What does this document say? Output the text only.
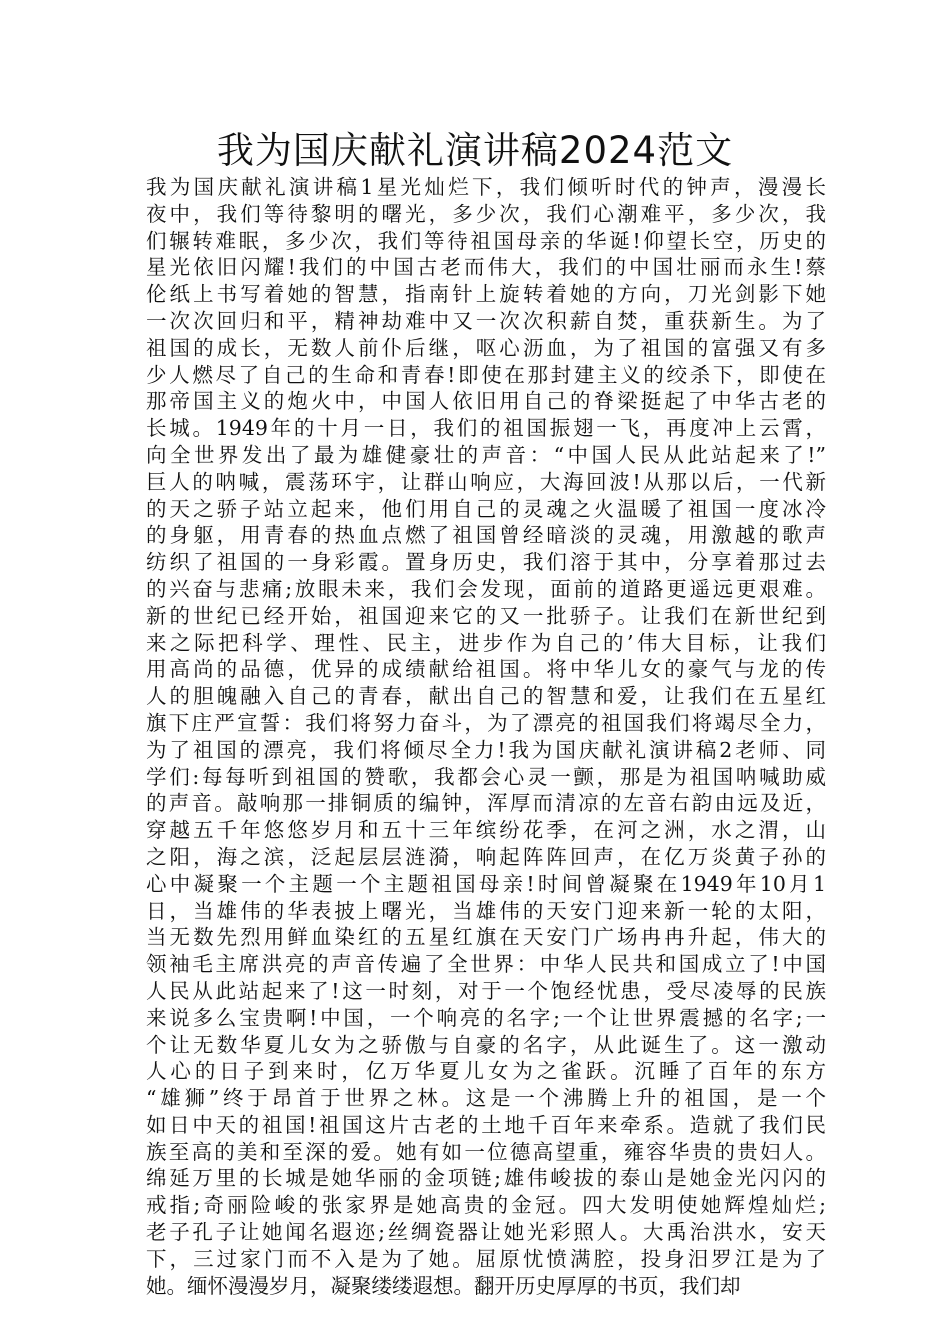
我为国庆献礼演讲稿2024范文
我为国庆献礼演讲稿1星光灿烂下，我们倾听时代的钟声，漫漫长
夜中，我们等待黎明的曙光，多少次，我们心潮难平，多少次，我
们辗转难眠，多少次，我们等待祖国母亲的华诞!仰望长空，历史的
星光依旧闪耀!我们的中国古老而伟大，我们的中国壮丽而永生!蔡
伦纸上书写着她的智慧，指南针上旋转着她的方向，刀光剑影下她
一次次回归和平，精神劫难中又一次次积薪自焚，重获新生。为了
祖国的成长，无数人前仆后继，呕心沥血，为了祖国的富强又有多
少人燃尽了自己的生命和青春!即使在那封建主义的绞杀下，即使在
那帝国主义的炮火中，中国人依旧用自己的脊梁挺起了中华古老的
长城。1949年的十月一日，我们的祖国振翅一飞，再度冲上云霄，
向全世界发出了最为雄健豪壮的声音：“中国人民从此站起来了!”
巨人的呐喊，震荡环宇，让群山响应，大海回波!从那以后，一代新
的天之骄子站立起来，他们用自己的灵魂之火温暖了祖国一度冰冷
的身躯，用青春的热血点燃了祖国曾经暗淡的灵魂，用激越的歌声
纺织了祖国的一身彩霞。置身历史，我们溶于其中，分享着那过去
的兴奋与悲痛;放眼未来，我们会发现，面前的道路更遥远更艰难。
新的世纪已经开始，祖国迎来它的又一批骄子。让我们在新世纪到
来之际把科学、理性、民主，进步作为自己的’伟大目标，让我们
用高尚的品德，优异的成绩献给祖国。将中华儿女的豪气与龙的传
人的胆魄融入自己的青春，献出自己的智慧和爱，让我们在五星红
旗下庄严宣誓：我们将努力奋斗，为了漂亮的祖国我们将竭尽全力，
为了祖国的漂亮，我们将倾尽全力!我为国庆献礼演讲稿2老师、同
学们:每每听到祖国的赞歌，我都会心灵一颤，那是为祖国呐喊助威
的声音。敲响那一排铜质的编钟，浑厚而清凉的左音右韵由远及近，
穿越五千年悠悠岁月和五十三年缤纷花季，在河之洲，水之渭，山
之阳，海之滨，泛起层层涟漪，响起阵阵回声，在亿万炎黄子孙的
心中凝聚一个主题一个主题祖国母亲!时间曾凝聚在1949年10月1
日，当雄伟的华表披上曙光，当雄伟的天安门迎来新一轮的太阳，
当无数先烈用鲜血染红的五星红旗在天安门广场冉冉升起，伟大的
领袖毛主席洪亮的声音传遍了全世界：中华人民共和国成立了!中国
人民从此站起来了!这一时刻，对于一个饱经忧患，受尽凌辱的民族
来说多么宝贵啊!中国，一个响亮的名字;一个让世界震撼的名字;一
个让无数华夏儿女为之骄傲与自豪的名字，从此诞生了。这一激动
人心的日子到来时，亿万华夏儿女为之雀跃。沉睡了百年的东方
“雄狮”终于昂首于世界之林。这是一个沸腾上升的祖国，是一个
如日中天的祖国!祖国这片古老的土地千百年来牵系。造就了我们民
族至高的美和至深的爱。她有如一位德高望重，雍容华贵的贵妇人。
绵延万里的长城是她华丽的金项链;雄伟峻拔的泰山是她金光闪闪的
戒指;奇丽险峻的张家界是她高贵的金冠。四大发明使她辉煌灿烂;
老子孔子让她闻名遐迩;丝绸瓷器让她光彩照人。大禹治洪水，安天
下，三过家门而不入是为了她。屈原忧愤满腔，投身汨罗江是为了
她。缅怀漫漫岁月，凝聚缕缕遐想。翻开历史厚厚的书页，我们却
